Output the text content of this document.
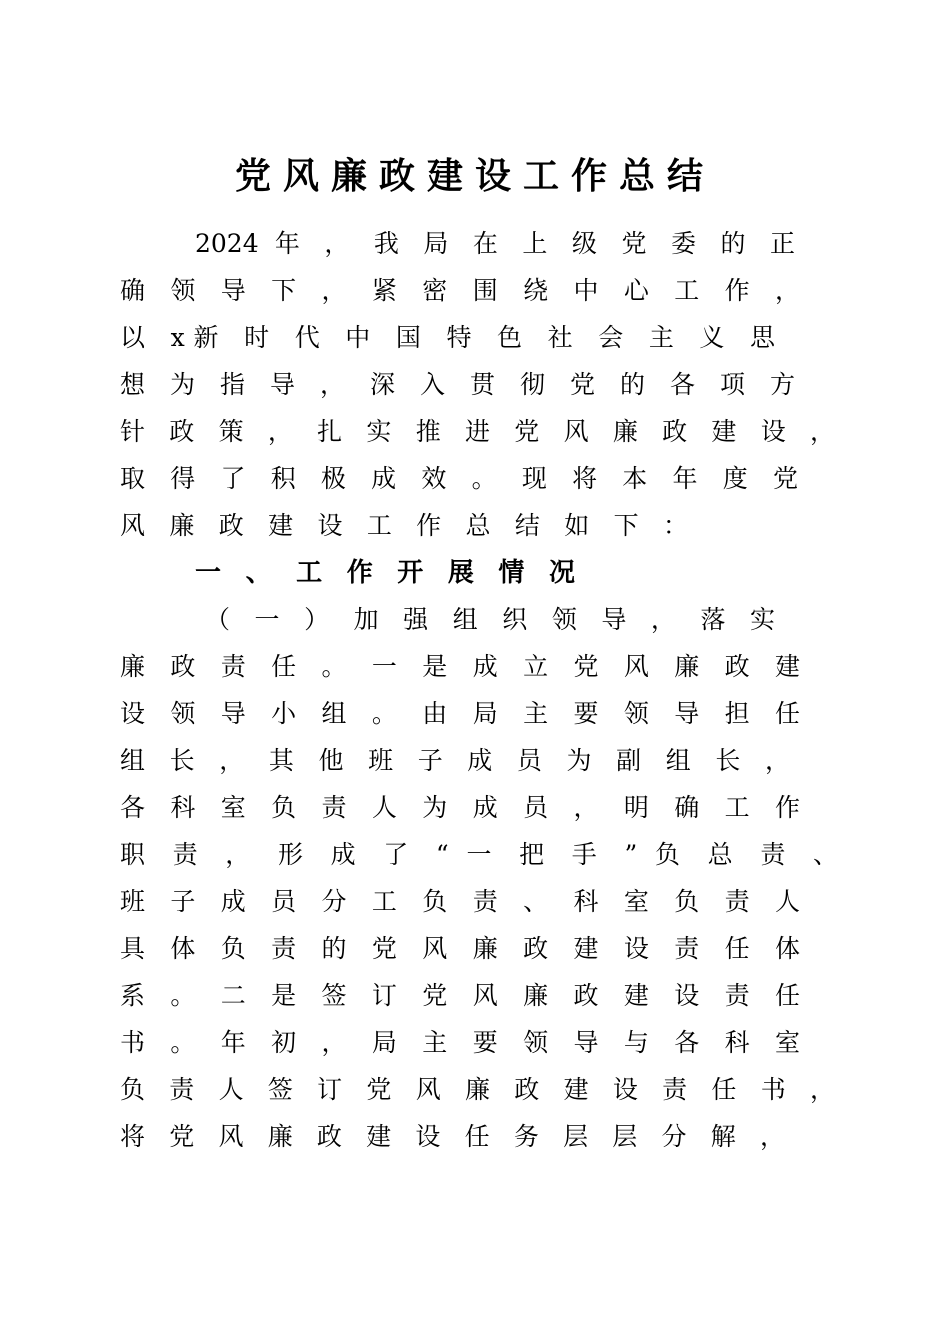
党风廉政建设工作总结
2024 年 ， 我 局 在 上 级 党 委 的 正
确 领 导 下 ， 紧 密 围 绕 中 心 工 作 ，
以 x新 时 代 中 国 特 色 社 会 主 义 思
想 为 指 导 ， 深 入 贯 彻 党 的 各 项 方
针 政 策 ， 扎 实 推 进 党 风 廉 政 建 设 ，
取 得 了 积 极 成 效 。 现 将 本 年 度 党
风 廉 政 建 设 工 作 总 结 如 下 ：
一 、 工 作 开 展 情 况
（ 一 ） 加 强 组 织 领 导 ， 落 实
廉 政 责 任 。 一 是 成 立 党 风 廉 政 建
设 领 导 小 组 。 由 局 主 要 领 导 担 任
组 长 ， 其 他 班 子 成 员 为 副 组 长 ，
各 科 室 负 责 人 为 成 员 ， 明 确 工 作
职 责 ， 形 成 了 “ 一 把 手 ” 负 总 责 、
班 子 成 员 分 工 负 责 、 科 室 负 责 人
具 体 负 责 的 党 风 廉 政 建 设 责 任 体
系 。 二 是 签 订 党 风 廉 政 建 设 责 任
书 。 年 初 ， 局 主 要 领 导 与 各 科 室
负 责 人 签 订 党 风 廉 政 建 设 责 任 书 ，
将 党 风 廉 政 建 设 任 务 层 层 分 解 ，
